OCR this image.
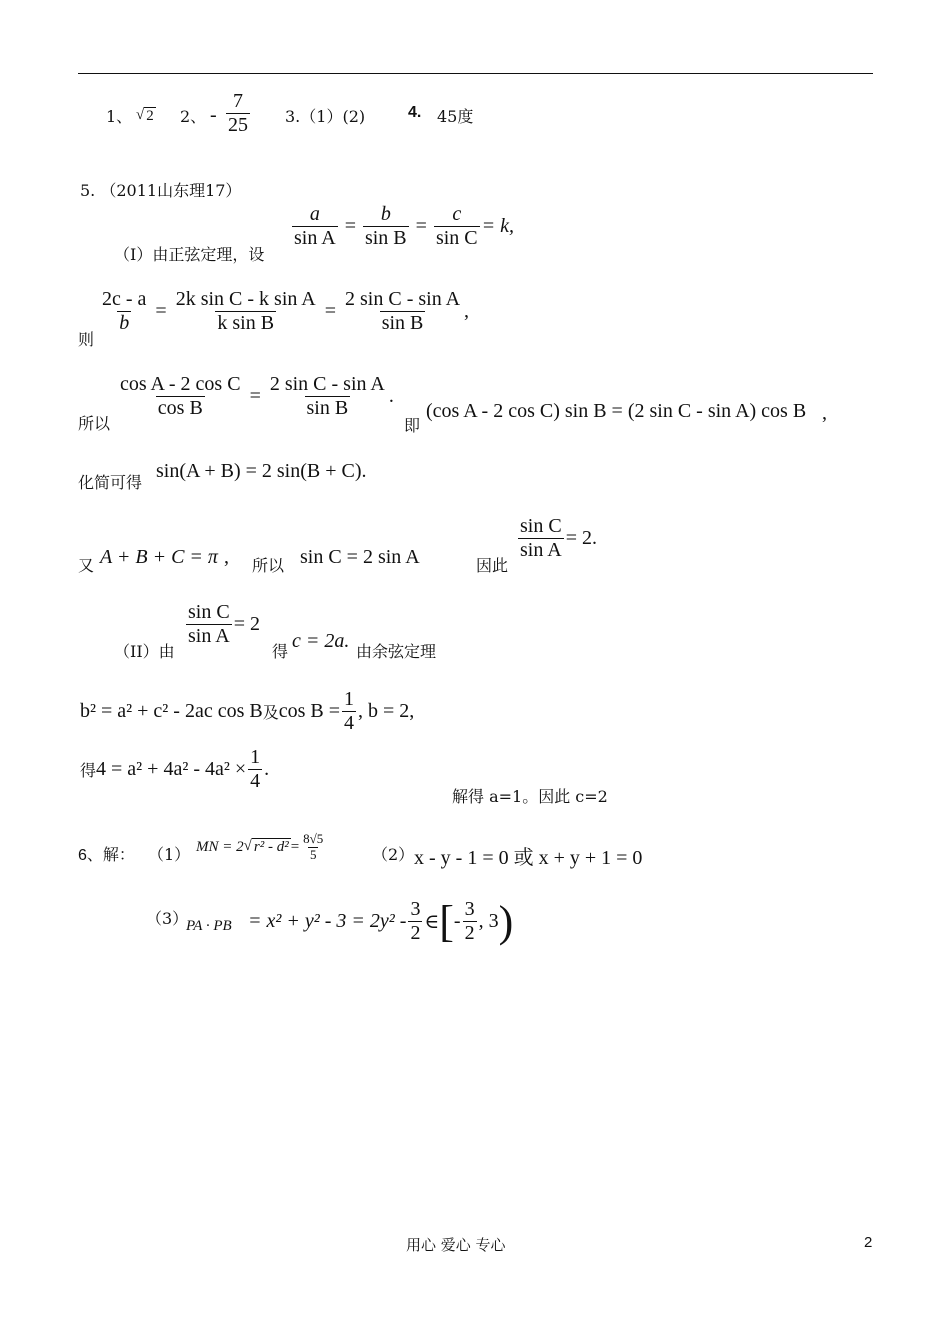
1、 √ 2 2、 - $\frac{7}{25} 3.(1)(2)$	4. 45度
5. （2011山东理17）
（I）由正弦定理，设
$\frac{a}{\text{sin A}} = \frac{b}{\text{sin B}} = \frac{c}{\text{sin C}} = k$,
则
$\frac{2c - a}{b} = \frac{\text{2k sin C - k sin A}}{\text{k sin B}} = \frac{\text{2 sin C - sin A}}{\text{sin B}}$ ,
所以
$\frac{\text{cos A - 2 cos C}}{\text{cos B}} = \frac{\text{2 sin C - sin A}}{\text{sin B}}$ .
即
(cos A - 2 cos C) sin B = (2 sin C - sin A) cos B ,
化简可得
sin(A + B) = 2 sin(B + C).
又 A + B + C = π , 所以 sin C = 2 sin A	因此
$\frac{\text{sin C}}{\text{sin A}} = 2$.
（II）由
$\frac{\text{sin C}}{\text{sin A}} = 2$
得 c = 2a. 由余弦定理
b² = a² + c² - 2ac cos B 及 $\cos B = \frac{1}{4}$ , b = 2,
得 $4 = a^2 + 4a^2 - 4a^2 \times \frac{1}{4}$ .
解得 a=1。因此 c=2
6、解： （1） MN = 2 √ $r^2 - d^2 = \frac{8√5}{5}$	（2） x - y - 1 = 0 或 x + y + 1 = 0
（3）
PA · PB = $x^2 + y^2 - 3 = 2y^2 - \frac{3}{2}$ ∈ [ - $\frac{3}{2}$ , 3 )
用心 爱心 专心	2
